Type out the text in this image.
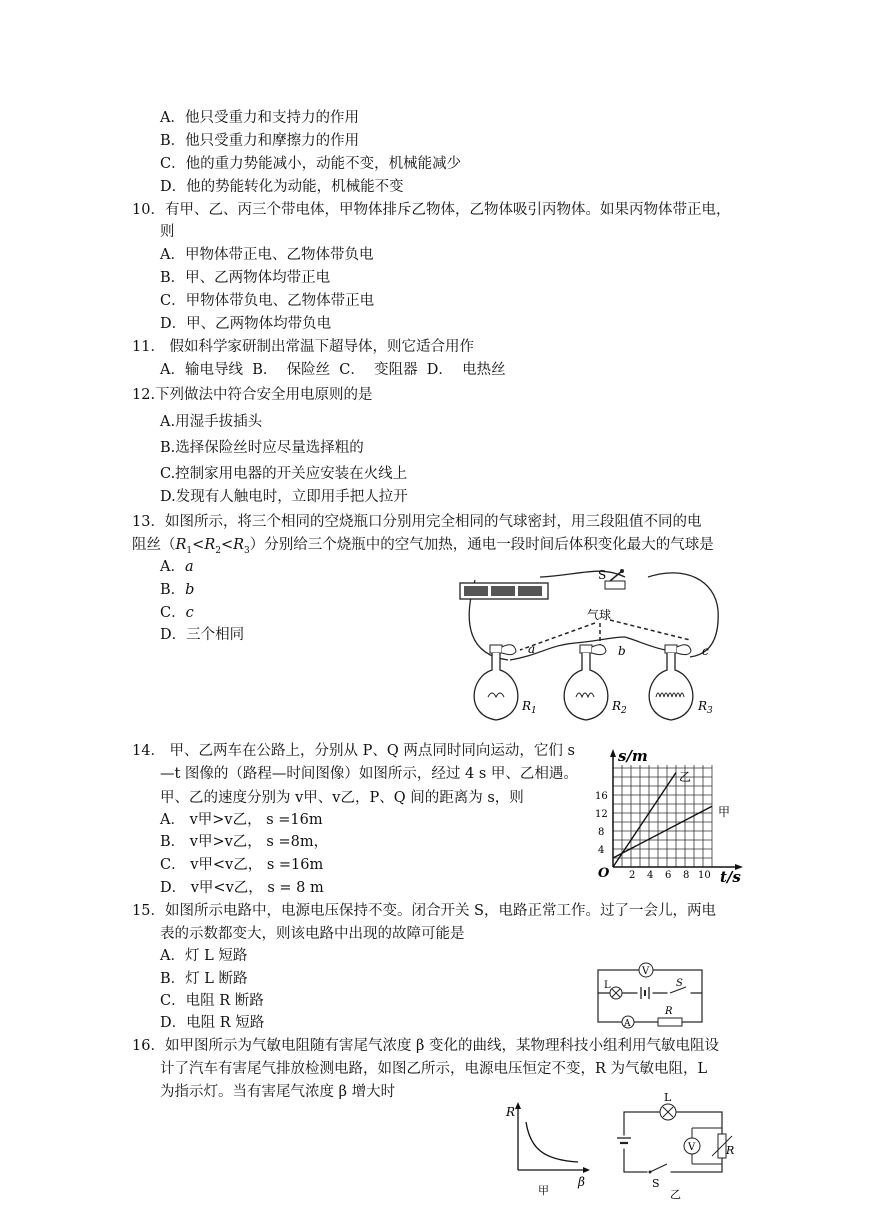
A．他只受重力和支持力的作用
B．他只受重力和摩擦力的作用
C．他的重力势能减小，动能不变，机械能减少
D．他的势能转化为动能，机械能不变
10．有甲、乙、丙三个带电体，甲物体排斥乙物体，乙物体吸引丙物体。如果丙物体带正电，
则
A．甲物体带正电、乙物体带负电
B．甲、乙两物体均带正电
C．甲物体带负电、乙物体带正电
D．甲、乙两物体均带负电
11． 假如科学家研制出常温下超导体，则它适合用作
A．输电导线  B．  保险丝  C．  变阻器  D．  电热丝
12.下列做法中符合安全用电原则的是
A.用湿手拔插头
B.选择保险丝时应尽量选择粗的
C.控制家用电器的开关应安装在火线上
D.发现有人触电时，立即用手把人拉开
13．如图所示，将三个相同的空烧瓶口分别用完全相同的气球密封，用三段阻值不同的电
阻丝$(R_1<R_2<R_3)$分别给三个烧瓶中的空气加热，通电一段时间后体积变化最大的气球是
A．a
B．b
C．c
D．三个相同
S
气球
a
$R_1$
b
$R_2$
c
$R_3$
14． 甲、乙两车在公路上，分别从 P、Q 两点同时同向运动，它们 s
—t 图像的（路程—时间图像）如图所示，经过 4 s 甲、乙相遇。
甲、乙的速度分别为 v甲、v乙，P、Q 间的距离为 s，则
A． v甲>v乙， s =16m
B． v甲>v乙， s =8m，
C． v甲<v乙， s =16m
D． v甲<v乙， s = 8 m
s/m
t/s
O
4
8
12
16
2 4 6 8 10
乙
甲
15．如图所示电路中，电源电压保持不变。闭合开关 S，电路正常工作。过了一会儿，两电
表的示数都变大，则该电路中出现的故障可能是
A．灯 L 短路
B．灯 L 断路
C．电阻 R 断路
D．电阻 R 短路
V
L	S
A
R
16．如甲图所示为气敏电阻随有害尾气浓度 β 变化的曲线，某物理科技小组利用气敏电阻设
计了汽车有害尾气排放检测电路，如图乙所示，电源电压恒定不变，R 为气敏电阻，L
为指示灯。当有害尾气浓度 β 增大时
R
β
甲
L
V	R
S
乙
